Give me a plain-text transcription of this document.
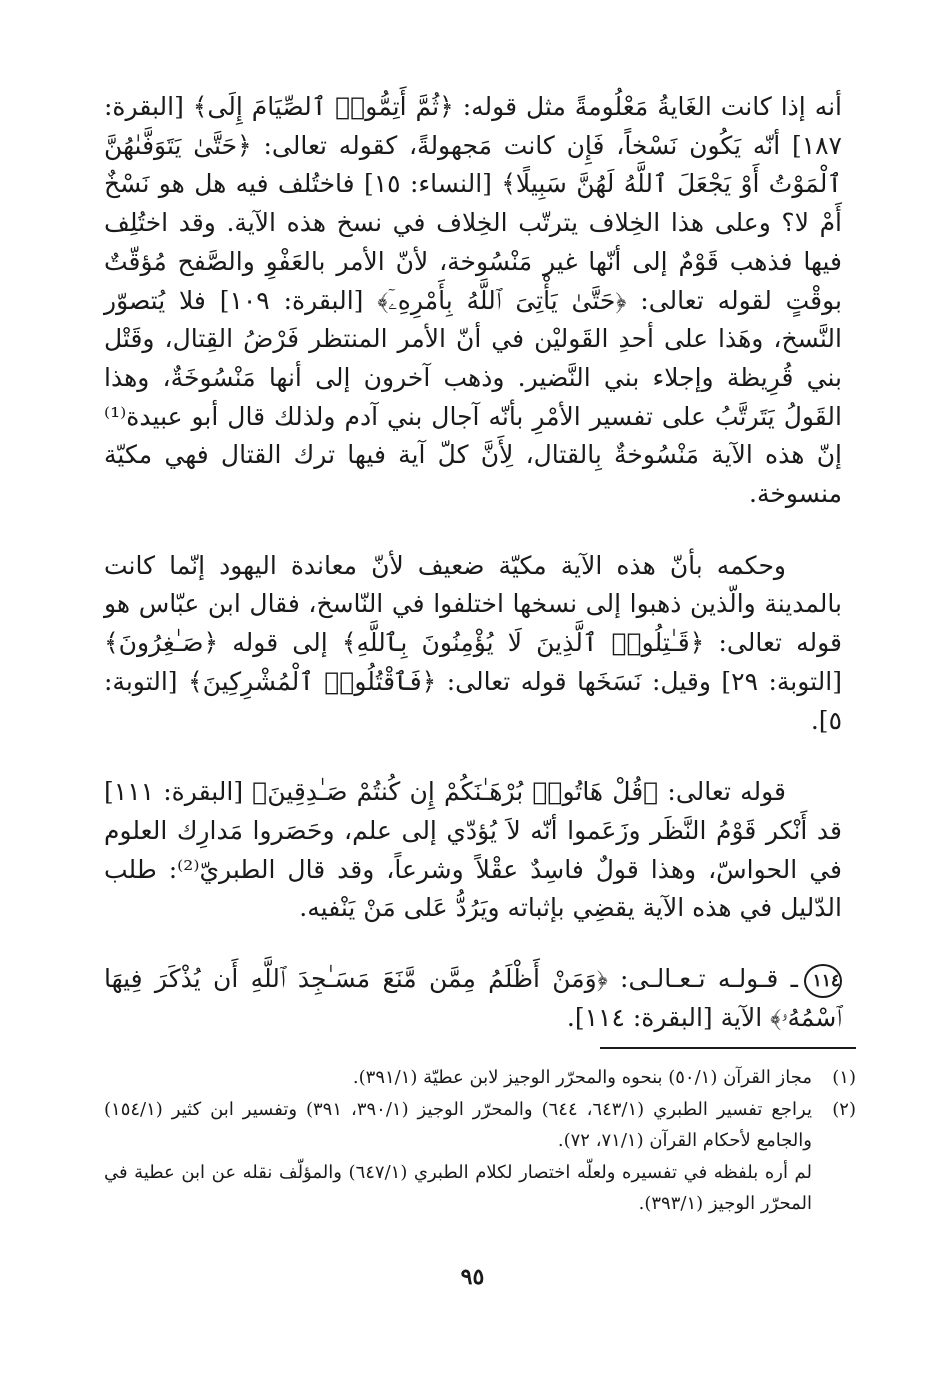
أنه إذا كانت الغَايةُ مَعْلُومةً مثل قوله: ﴿ثُمَّ أَتِمُّوا۟ ٱلصِّيَامَ إِلَى﴾ [البقرة: ١٨٧] أنّه يَكُون نَسْخاً، فَإِن كانت مَجهولةً، كقوله تعالى: ﴿حَتَّىٰ يَتَوَفَّىٰهُنَّ ٱلْمَوْتُ أَوْ يَجْعَلَ ٱللَّهُ لَهُنَّ سَبِيلًا﴾ [النساء: ١٥] فاختُلف فيه هل هو نَسْخٌ أَمْ لا؟ وعلى هذا الخِلاف يترتّب الخِلاف في نسخ هذه الآية. وقد اختُلِف فيها فذهب قَوْمٌ إلى أنّها غير مَنْسُوخة، لأنّ الأمر بالعَفْوِ والصَّفح مُؤقّتٌ بوقْتٍ لقوله تعالى: ﴿حَتَّىٰ يَأْتِىَ ٱللَّهُ بِأَمْرِهِۦٓ﴾ [البقرة: ١٠٩] فلا يُتصوّر النَّسخ، وهَذا على أحدِ القَوليْن في أنّ الأمر المنتظر فَرْضُ القِتال، وقَتْل بني قُرِيظة وإجلاء بني النَّضير. وذهب آخرون إلى أنها مَنْسُوخَةٌ، وهذا القَولُ يَتَرتَّبُ على تفسير الأمْرِ بأنّه آجال بني آدم ولذلك قال أبو عبيدة⁽¹⁾ إنّ هذه الآية مَنْسُوخةٌ بِالقتال، لِأَنَّ كلّ آية فيها ترك القتال فهي مكيّة منسوخة.

وحكمه بأنّ هذه الآية مكيّة ضعيف لأنّ معاندة اليهود إنّما كانت بالمدينة والّذين ذهبوا إلى نسخها اختلفوا في النّاسخ، فقال ابن عبّاس هو قوله تعالى: ﴿قَـٰتِلُوا۟ ٱلَّذِينَ لَا يُؤْمِنُونَ بِٱللَّهِ﴾ إلى قوله ﴿صَـٰغِرُونَ﴾ [التوبة: ٢٩] وقيل: نَسَخَها قوله تعالى: ﴿فَٱقْتُلُوا۟ ٱلْمُشْرِكِينَ﴾ [التوبة: ٥].

قوله تعالى: ﴿قُلْ هَاتُوا۟ بُرْهَـٰنَكُمْ إِن كُنتُمْ صَـٰدِقِينَ﴾ [البقرة: ١١١] قد أَنْكر قَوْمُ النَّظَر وزَعَموا أنّه لاَ يُؤدّي إلى علم، وحَصَروا مَدارِك العلوم في الحواسّ، وهذا قولٌ فاسِدٌ عقْلاً وشرعاً، وقد قال الطبريّ⁽²⁾: طلب الدّليل في هذه الآية يقضِي بإثباته ويَرُدُّ عَلى مَنْ يَنْفيه.

١١٤ـ قـولـه تـعـالـى: ﴿وَمَنْ أَظْلَمُ مِمَّن مَّنَعَ مَسَـٰجِدَ ٱللَّهِ أَن يُذْكَرَ فِيهَا ٱسْمُهُۥ﴾ الآية [البقرة: ١١٤].

(١)
مجاز القرآن (٥٠/١) بنحوه والمحرّر الوجيز لابن عطيّة (٣٩١/١).
(٢)
يراجع تفسير الطبري (٦٤٣/١، ٦٤٤) والمحرّر الوجيز (٣٩٠/١، ٣٩١) وتفسير ابن كثير (١٥٤/١) والجامع لأحكام القرآن (٧١/١، ٧٢).
لم أره بلفظه في تفسيره ولعلّه اختصار لكلام الطبري (٦٤٧/١) والمؤلّف نقله عن ابن عطية في المحرّر الوجيز (٣٩٣/١).
٩٥
